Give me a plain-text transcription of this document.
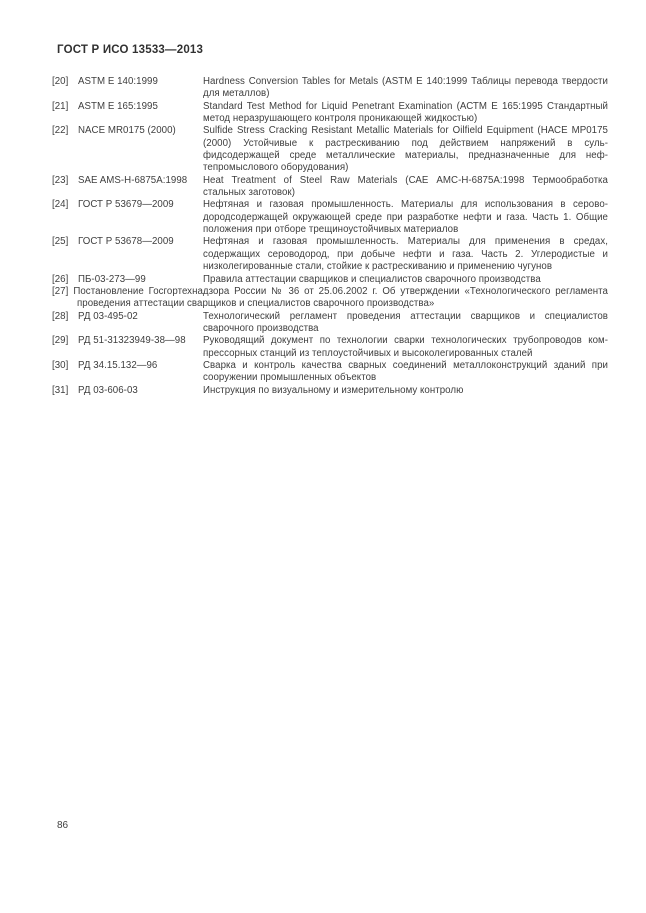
ГОСТ Р ИСО 13533—2013
[20] ASTM E 140:1999	Hardness Conversion Tables for Metals (ASTM E 140:1999 Таблицы перевода твердости для металлов)
[21] ASTM E 165:1995	Standard Test Method for Liquid Penetrant Examination (АСТМ Е 165:1995 Стандартный метод неразрушающего контроля проникающей жидкостью)
[22] NACE MR0175 (2000)	Sulfide Stress Cracking Resistant Metallic Materials for Oilfield Equipment (НАСЕ МР0175 (2000) Устойчивые к растрескиванию под действием напряжений в сульфидсодержащей среде металлические материалы, предназначенные для нефтепромыслового оборудования)
[23] SAE AMS-H-6875A:1998 Heat Treatment of Steel Raw Materials (САЕ АМС-Н-6875А:1998 Термообработка стальных заготовок)
[24] ГОСТ Р 53679—2009	Нефтяная и газовая промышленность. Материалы для использования в сероводородсодержащей окружающей среде при разработке нефти и газа. Часть 1. Общие положения при отборе трещиноустойчивых материалов
[25] ГОСТ Р 53678—2009	Нефтяная и газовая промышленность. Материалы для применения в средах, содержащих сероводород, при добыче нефти и газа. Часть 2. Углеродистые и низколегированные стали, стойкие к растрескиванию и применению чугунов
[26] ПБ-03-273—99	Правила аттестации сварщиков и специалистов сварочного производства
[27] Постановление Госгортехнадзора России № 36 от 25.06.2002 г. Об утверждении «Технологического регламента проведения аттестации сварщиков и специалистов сварочного производства»
[28] РД 03-495-02	Технологический регламент проведения аттестации сварщиков и специалистов сварочного производства
[29] РД 51-31323949-38—98 Руководящий документ по технологии сварки технологических трубопроводов компрессорных станций из теплоустойчивых и высоколегированных сталей
[30] РД 34.15.132—96	Сварка и контроль качества сварных соединений металлоконструкций зданий при сооружении промышленных объектов
[31] РД 03-606-03	Инструкция по визуальному и измерительному контролю
86
